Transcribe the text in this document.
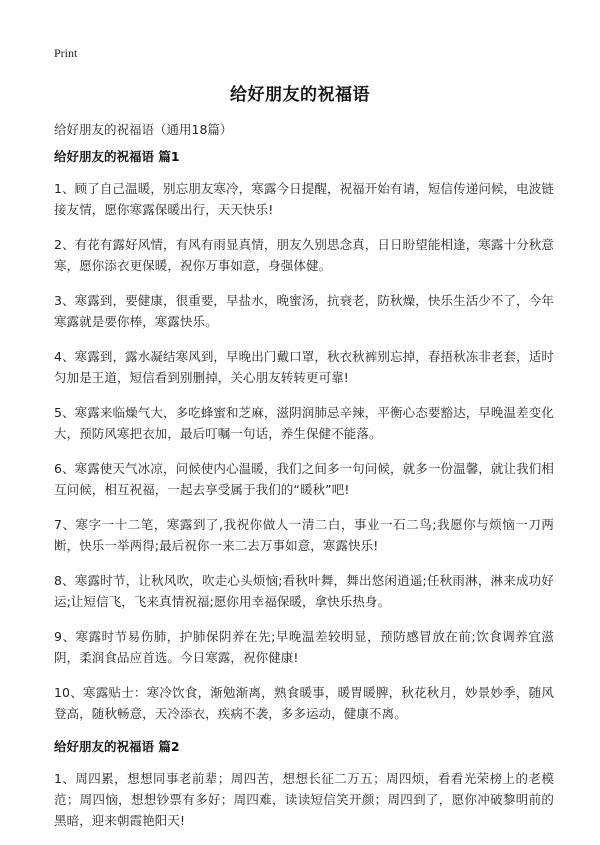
Print
给好朋友的祝福语
给好朋友的祝福语（通用18篇）
给好朋友的祝福语 篇1

1、顾了自己温暖，别忘朋友寒冷，寒露今日提醒，祝福开始有请，短信传递问候，电波链接友情，愿你寒露保暖出行，天天快乐!

2、有花有露好风情，有风有雨显真情，朋友久别思念真，日日盼望能相逢，寒露十分秋意寒，愿你添衣更保暖，祝你万事如意，身强体健。

3、寒露到，要健康，很重要，早盐水，晚蜜汤，抗衰老，防秋燥，快乐生活少不了，今年寒露就是要你棒，寒露快乐。

4、寒露到，露水凝结寒风到，早晚出门戴口罩，秋衣秋裤别忘掉，春捂秋冻非老套，适时匀加是王道，短信看到别删掉，关心朋友转转更可靠!

5、寒露来临燥气大，多吃蜂蜜和芝麻，滋阴润肺忌辛辣，平衡心态要豁达，早晚温差变化大，预防风寒把衣加，最后叮嘱一句话，养生保健不能落。

6、寒露使天气冰凉，问候使内心温暖，我们之间多一句问候，就多一份温馨，就让我们相互问候，相互祝福，一起去享受属于我们的“暖秋”吧!

7、寒字一十二笔，寒露到了,我祝你做人一清二白，事业一石二鸟;我愿你与烦恼一刀两断，快乐一举两得;最后祝你一来二去万事如意，寒露快乐!

8、寒露时节，让秋风吹，吹走心头烦恼;看秋叶舞，舞出悠闲逍遥;任秋雨淋，淋来成功好运;让短信飞，飞来真情祝福;愿你用幸福保暖，拿快乐热身。

9、寒露时节易伤肺，护肺保阴养在先;早晚温差较明显，预防感冒放在前;饮食调养宜滋阴，柔润食品应首选。今日寒露，祝你健康!

10、寒露贴士：寒冷饮食，渐勉渐离，熟食暖事，暖胃暖脾，秋花秋月，妙景妙季，随风登高，随秋畅意，天冷添衣，疾病不袭，多多运动，健康不离。

给好朋友的祝福语 篇2

1、周四累，想想同事老前辈；周四苦，想想长征二万五；周四烦，看看光荣榜上的老模范；周四恼，想想钞票有多好；周四难，读读短信笑开颜；周四到了，愿你冲破黎明前的黑暗，迎来朝霞艳阳天!
